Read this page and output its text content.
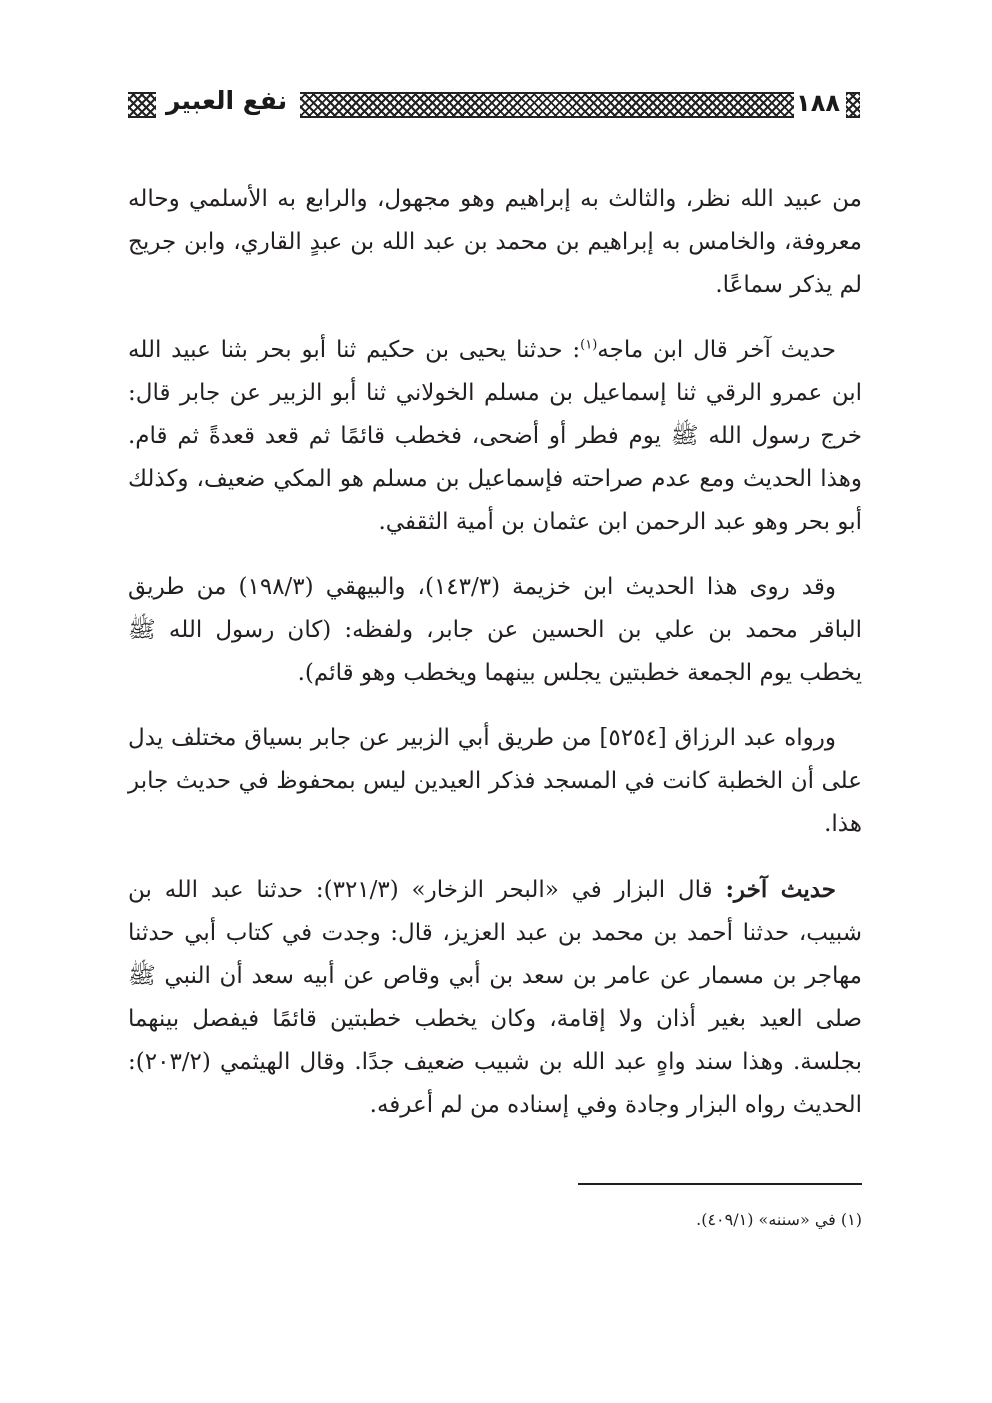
١٨٨
نفع العبير

من عبيد الله نظر، والثالث به إبراهيم وهو مجهول، والرابع به الأسلمي وحاله معروفة، والخامس به إبراهيم بن محمد بن عبد الله بن عبدٍ القاري، وابن جريج لم يذكر سماعًا.

حديث آخر قال ابن ماجه$^{(١)}$: حدثنا يحيى بن حكيم ثنا أبو بحر بثنا عبيد الله ابن عمرو الرقي ثنا إسماعيل بن مسلم الخولاني ثنا أبو الزبير عن جابر قال: خرج رسول الله ﷺ يوم فطر أو أضحى، فخطب قائمًا ثم قعد قعدةً ثم قام. وهذا الحديث ومع عدم صراحته فإسماعيل بن مسلم هو المكي ضعيف، وكذلك أبو بحر وهو عبد الرحمن ابن عثمان بن أمية الثقفي.

وقد روى هذا الحديث ابن خزيمة (١٤٣/٣)، والبيهقي (١٩٨/٣) من طريق الباقر محمد بن علي بن الحسين عن جابر، ولفظه: (كان رسول الله ﷺ يخطب يوم الجمعة خطبتين يجلس بينهما ويخطب وهو قائم).

ورواه عبد الرزاق [٥٢٥٤] من طريق أبي الزبير عن جابر بسياق مختلف يدل على أن الخطبة كانت في المسجد فذكر العيدين ليس بمحفوظ في حديث جابر هذا.

حديث آخر: قال البزار في «البحر الزخار» (٣٢١/٣): حدثنا عبد الله بن شبيب، حدثنا أحمد بن محمد بن عبد العزيز، قال: وجدت في كتاب أبي حدثنا مهاجر بن مسمار عن عامر بن سعد بن أبي وقاص عن أبيه سعد أن النبي ﷺ صلى العيد بغير أذان ولا إقامة، وكان يخطب خطبتين قائمًا فيفصل بينهما بجلسة. وهذا سند واهٍ عبد الله بن شبيب ضعيف جدًا. وقال الهيثمي (٢٠٣/٢): الحديث رواه البزار وجادة وفي إسناده من لم أعرفه.

(١) في «سننه» (٤٠٩/١).
